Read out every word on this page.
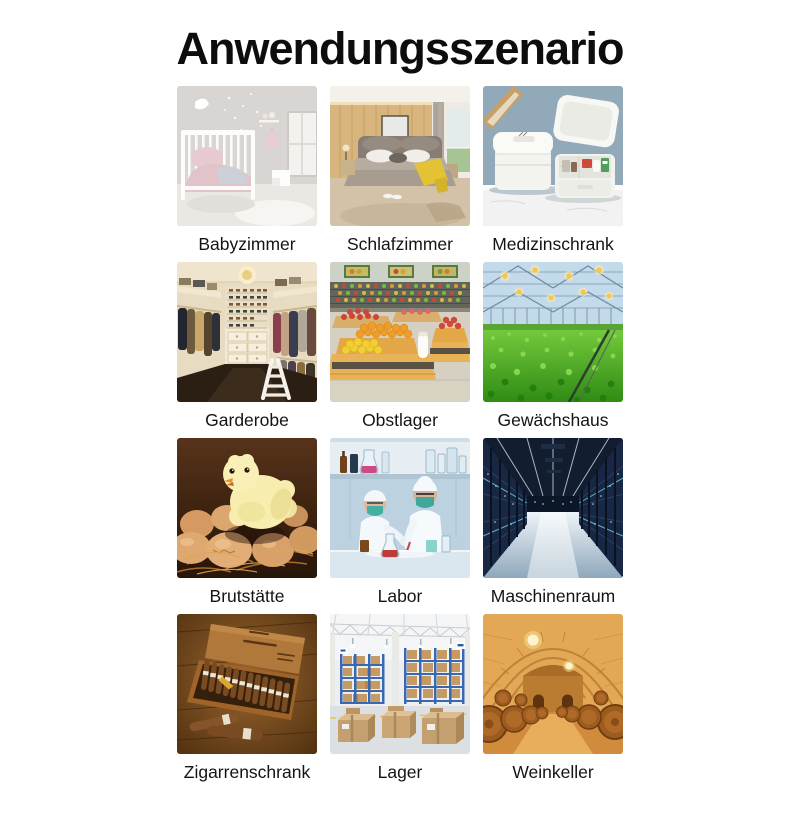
Anwendungsszenario
Babyzimmer	Schlafzimmer	Medizinschrank
Garderobe	Obstlager	Gewächshaus
Brutstätte	Labor	Maschinenraum
Zigarrenschrank	Lager	Weinkeller
